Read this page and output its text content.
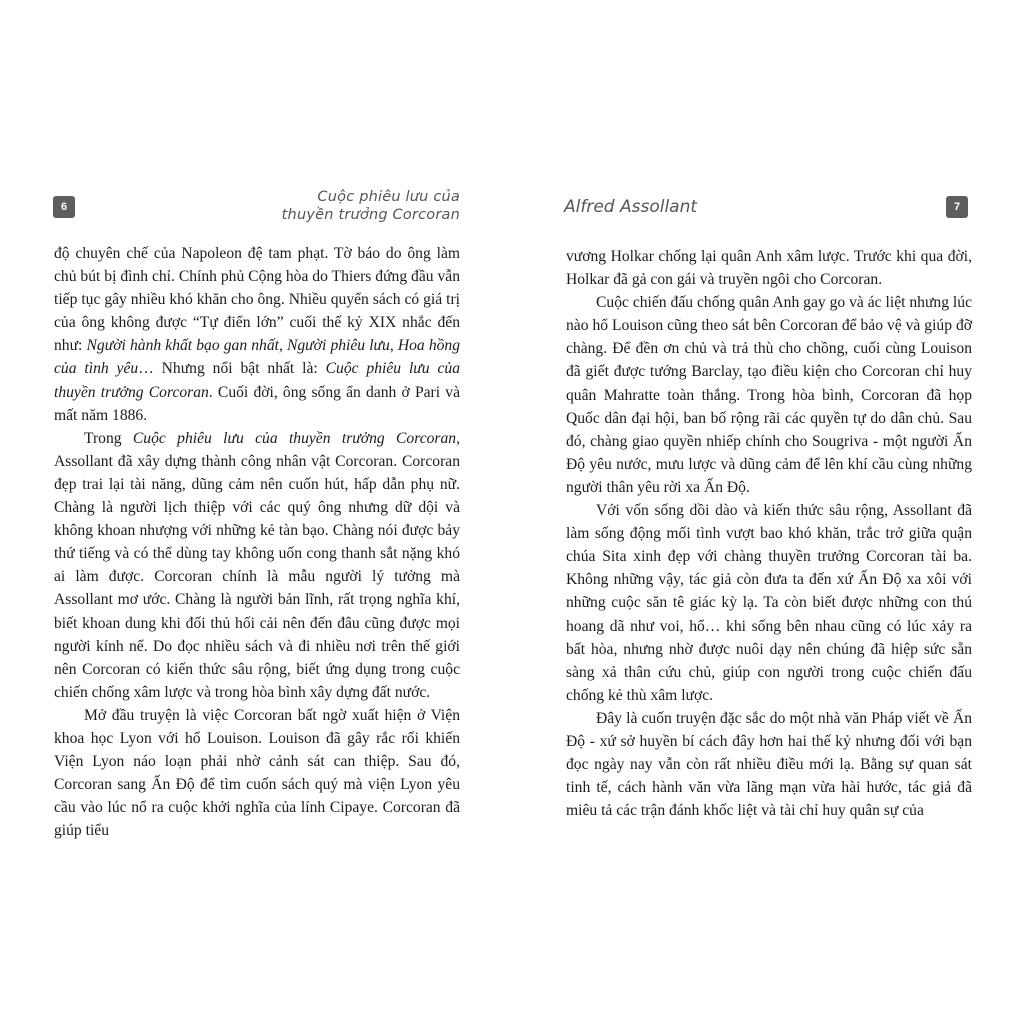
6
Cuộc phiêu lưu của
thuyền trưởng Corcoran

độ chuyên chế của Napoleon đệ tam phạt. Tờ báo do ông làm chủ bút bị đình chỉ. Chính phủ Cộng hòa do Thiers đứng đầu vẫn tiếp tục gây nhiều khó khăn cho ông. Nhiều quyển sách có giá trị của ông không được “Tự điển lớn” cuối thế kỷ XIX nhắc đến như: Người hành khất bạo gan nhất, Người phiêu lưu, Hoa hồng của tình yêu… Nhưng nổi bật nhất là: Cuộc phiêu lưu của thuyền trưởng Corcoran. Cuối đời, ông sống ẩn danh ở Pari và mất năm 1886.

Trong Cuộc phiêu lưu của thuyền trưởng Corcoran, Assollant đã xây dựng thành công nhân vật Corcoran. Corcoran đẹp trai lại tài năng, dũng cảm nên cuốn hút, hấp dẫn phụ nữ. Chàng là người lịch thiệp với các quý ông nhưng dữ dội và không khoan nhượng với những kẻ tàn bạo. Chàng nói được bảy thứ tiếng và có thể dùng tay không uốn cong thanh sắt nặng khó ai làm được. Corcoran chính là mẫu người lý tưởng mà Assollant mơ ước. Chàng là người bản lĩnh, rất trọng nghĩa khí, biết khoan dung khi đối thủ hối cải nên đến đâu cũng được mọi người kính nể. Do đọc nhiều sách và đi nhiều nơi trên thế giới nên Corcoran có kiến thức sâu rộng, biết ứng dụng trong cuộc chiến chống xâm lược và trong hòa bình xây dựng đất nước.

Mở đầu truyện là việc Corcoran bất ngờ xuất hiện ở Viện khoa học Lyon với hổ Louison. Louison đã gây rắc rối khiến Viện Lyon náo loạn phải nhờ cảnh sát can thiệp. Sau đó, Corcoran sang Ấn Độ để tìm cuốn sách quý mà viện Lyon yêu cầu vào lúc nổ ra cuộc khởi nghĩa của lính Cipaye. Corcoran đã giúp tiểu

Alfred Assollant	7

vương Holkar chống lại quân Anh xâm lược. Trước khi qua đời, Holkar đã gả con gái và truyền ngôi cho Corcoran.

Cuộc chiến đấu chống quân Anh gay go và ác liệt nhưng lúc nào hổ Louison cũng theo sát bên Corcoran để bảo vệ và giúp đỡ chàng. Để đền ơn chủ và trả thù cho chồng, cuối cùng Louison đã giết được tướng Barclay, tạo điều kiện cho Corcoran chỉ huy quân Mahratte toàn thắng. Trong hòa bình, Corcoran đã họp Quốc dân đại hội, ban bố rộng rãi các quyền tự do dân chủ. Sau đó, chàng giao quyền nhiếp chính cho Sougriva - một người Ấn Độ yêu nước, mưu lược và dũng cảm để lên khí cầu cùng những người thân yêu rời xa Ấn Độ.

Với vốn sống dồi dào và kiến thức sâu rộng, Assollant đã làm sống động mối tình vượt bao khó khăn, trắc trở giữa quận chúa Sita xinh đẹp với chàng thuyền trưởng Corcoran tài ba. Không những vậy, tác giả còn đưa ta đến xứ Ấn Độ xa xôi với những cuộc săn tê giác kỳ lạ. Ta còn biết được những con thú hoang dã như voi, hổ… khi sống bên nhau cũng có lúc xảy ra bất hòa, nhưng nhờ được nuôi dạy nên chúng đã hiệp sức sẵn sàng xả thân cứu chủ, giúp con người trong cuộc chiến đấu chống kẻ thù xâm lược.

Đây là cuốn truyện đặc sắc do một nhà văn Pháp viết về Ấn Độ - xứ sở huyền bí cách đây hơn hai thế kỷ nhưng đối với bạn đọc ngày nay vẫn còn rất nhiều điều mới lạ. Bằng sự quan sát tinh tế, cách hành văn vừa lãng mạn vừa hài hước, tác giả đã miêu tả các trận đánh khốc liệt và tài chỉ huy quân sự của
